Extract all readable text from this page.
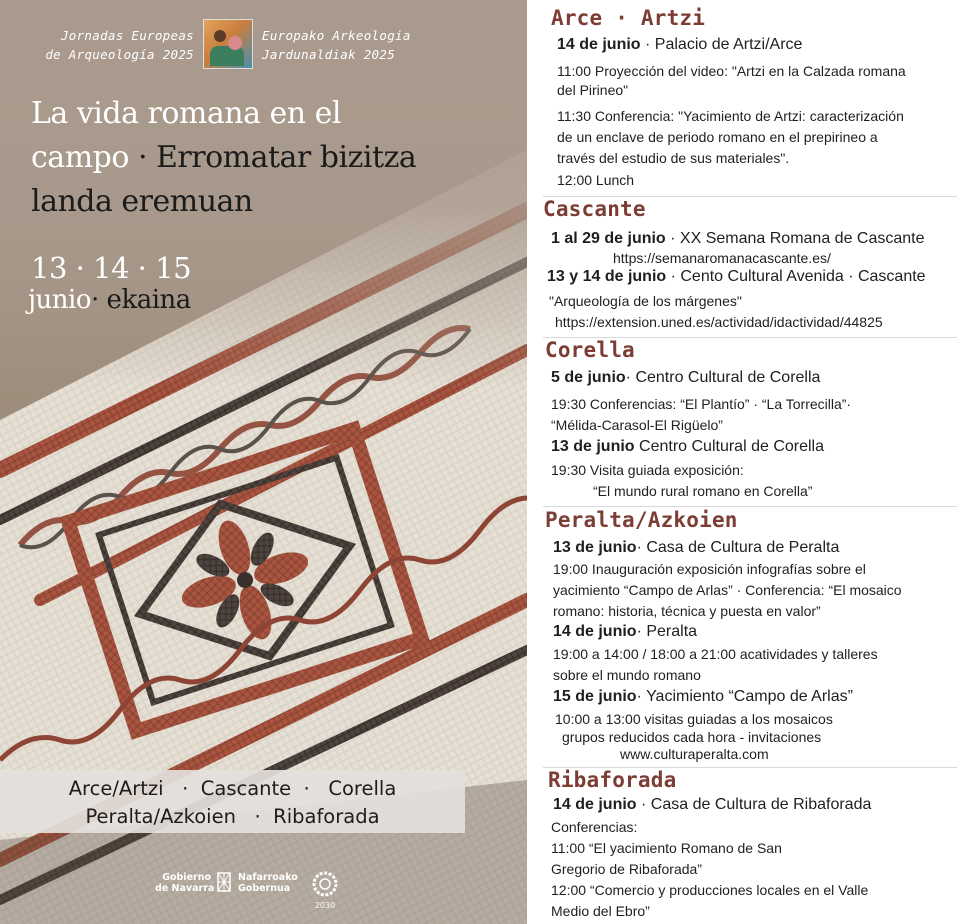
Jornadas Europeas
de Arqueología 2025
Europako Arkeologia
Jardunaldiak 2025
La vida romana en el
campo · Erromatar bizitza
landa eremuan
13 · 14 · 15
junio· ekaina
Arce/Artzi   ·  Cascante  ·   Corella
Peralta/Azkoien   ·  Ribaforada
Gobierno
de Navarra
Nafarroako
Gobernua
2030
Arce · Artzi
14 de junio · Palacio de Artzi/Arce
11:00 Proyección del video: "Artzi en la Calzada romana
del Pirineo"
11:30 Conferencia: "Yacimiento de Artzi: caracterización
de un enclave de periodo romano en el prepirineo a
través del estudio de sus materiales".
12:00 Lunch
Cascante
1 al 29 de junio · XX Semana Romana de Cascante
https://semanaromanacascante.es/
13 y 14 de junio · Cento Cultural Avenida · Cascante
"Arqueología de los márgenes"
https://extension.uned.es/actividad/idactividad/44825
Corella
5 de junio· Centro Cultural de Corella
19:30 Conferencias: “El Plantío” · “La Torrecilla”·
“Mélida-Carasol-El Rigüelo”
13 de junio Centro Cultural de Corella
19:30 Visita guiada exposición:
“El mundo rural romano en Corella”
Peralta/Azkoien
13 de junio· Casa de Cultura de Peralta
19:00 Inauguración exposición infografías sobre el
yacimiento “Campo de Arlas” · Conferencia: “El mosaico
romano: historia, técnica y puesta en valor”
14 de junio· Peralta
19:00 a 14:00 / 18:00 a 21:00 acatividades y talleres
sobre el mundo romano
15 de junio· Yacimiento “Campo de Arlas”
10:00 a 13:00 visitas guiadas a los mosaicos
grupos reducidos cada hora - invitaciones
www.culturaperalta.com
Ribaforada
14 de junio · Casa de Cultura de Ribaforada
Conferencias:
11:00 “El yacimiento Romano de San
Gregorio de Ribaforada”
12:00 “Comercio y producciones locales en el Valle
Medio del Ebro”
